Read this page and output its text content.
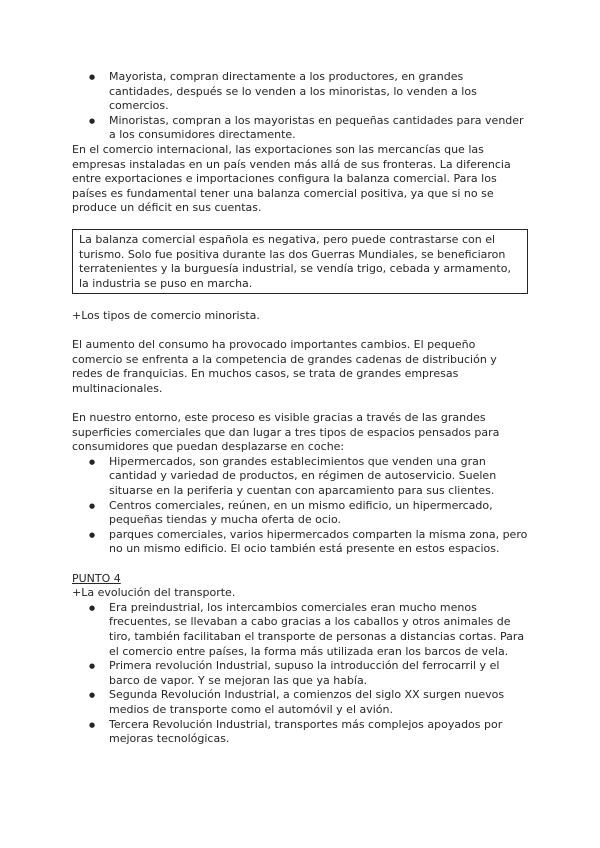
● Mayorista, compran directamente a los productores, en grandes cantidades, después se lo venden a los minoristas, lo venden a los comercios.
● Minoristas, compran a los mayoristas en pequeñas cantidades para vender a los consumidores directamente.

En el comercio internacional, las exportaciones son las mercancías que las empresas instaladas en un país venden más allá de sus fronteras. La diferencia entre exportaciones e importaciones configura la balanza comercial. Para los países es fundamental tener una balanza comercial positiva, ya que si no se produce un déficit en sus cuentas.

La balanza comercial española es negativa, pero puede contrastarse con el turismo. Solo fue positiva durante las dos Guerras Mundiales, se beneficiaron terratenientes y la burguesía industrial, se vendía trigo, cebada y armamento, la industria se puso en marcha.

+Los tipos de comercio minorista.

El aumento del consumo ha provocado importantes cambios. El pequeño comercio se enfrenta a la competencia de grandes cadenas de distribución y redes de franquicias. En muchos casos, se trata de grandes empresas multinacionales.

En nuestro entorno, este proceso es visible gracias a través de las grandes superficies comerciales que dan lugar a tres tipos de espacios pensados para consumidores que puedan desplazarse en coche:

● Hipermercados, son grandes establecimientos que venden una gran cantidad y variedad de productos, en régimen de autoservicio. Suelen situarse en la periferia y cuentan con aparcamiento para sus clientes.
● Centros comerciales, reúnen, en un mismo edificio, un hipermercado, pequeñas tiendas y mucha oferta de ocio.
● parques comerciales, varios hipermercados comparten la misma zona, pero no un mismo edificio. El ocio también está presente en estos espacios.

PUNTO 4

+La evolución del transporte.

● Era preindustrial, los intercambios comerciales eran mucho menos frecuentes, se llevaban a cabo gracias a los caballos y otros animales de tiro, también facilitaban el transporte de personas a distancias cortas. Para el comercio entre países, la forma más utilizada eran los barcos de vela.
● Primera revolución Industrial, supuso la introducción del ferrocarril y el barco de vapor. Y se mejoran las que ya había.
● Segunda Revolución Industrial, a comienzos del siglo XX surgen nuevos medios de transporte como el automóvil y el avión.
● Tercera Revolución Industrial, transportes más complejos apoyados por mejoras tecnológicas.
